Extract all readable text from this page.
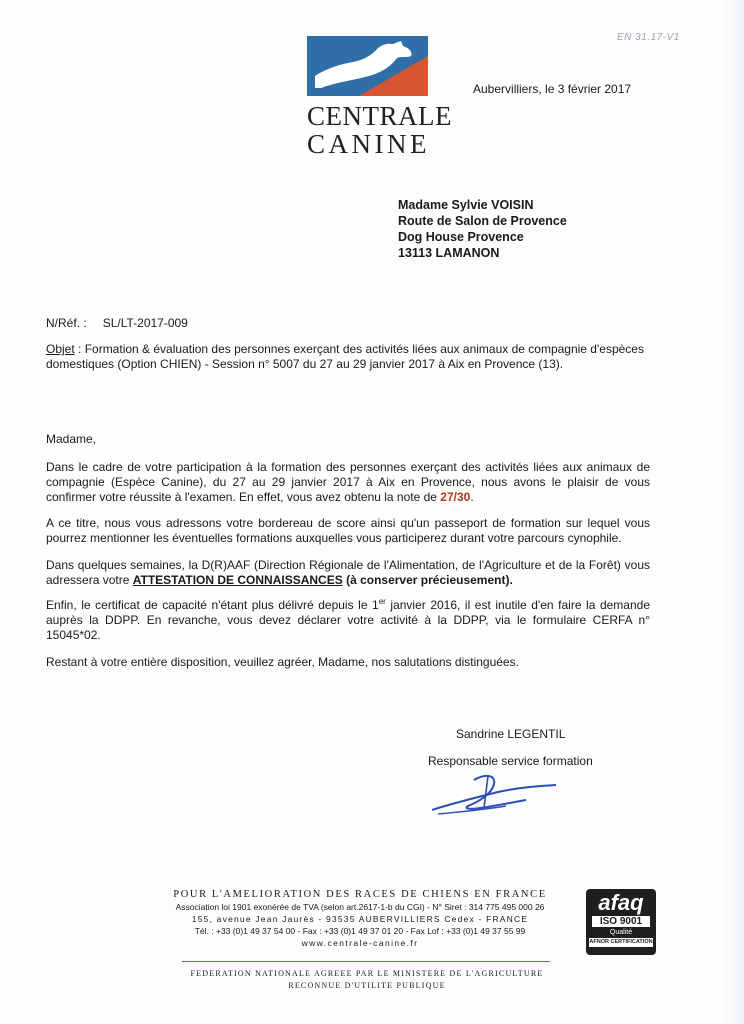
EN 31.17-V1
CENTRALE
CANINE
Aubervilliers, le 3 février 2017
Madame Sylvie VOISIN
Route de Salon de Provence
Dog House Provence
13113 LAMANON
N/Réf. : SL/LT-2017-009
Objet : Formation & évaluation des personnes exerçant des activités liées aux animaux de compagnie d'espèces domestiques (Option CHIEN) - Session n° 5007 du 27 au 29 janvier 2017 à Aix en Provence (13).
Madame,
Dans le cadre de votre participation à la formation des personnes exerçant des activités liées aux animaux de compagnie (Espèce Canine), du 27 au 29 janvier 2017 à Aix en Provence, nous avons le plaisir de vous confirmer votre réussite à l'examen. En effet, vous avez obtenu la note de 27/30.
A ce titre, nous vous adressons votre bordereau de score ainsi qu'un passeport de formation sur lequel vous pourrez mentionner les éventuelles formations auxquelles vous participerez durant votre parcours cynophile.
Dans quelques semaines, la D(R)AAF (Direction Régionale de l'Alimentation, de l'Agriculture et de la Forêt) vous adressera votre ATTESTATION DE CONNAISSANCES (à conserver précieusement).
Enfin, le certificat de capacité n'étant plus délivré depuis le 1er janvier 2016, il est inutile d'en faire la demande auprès la DDPP. En revanche, vous devez déclarer votre activité à la DDPP, via le formulaire CERFA n° 15045*02.
Restant à votre entière disposition, veuillez agréer, Madame, nos salutations distinguées.
Sandrine LEGENTIL
Responsable service formation
POUR L'AMELIORATION DES RACES DE CHIENS EN FRANCE
Association loi 1901 exonérée de TVA (selon art.2617-1-b du CGI) - N° Siret : 314 775 495 000 26
155, avenue Jean Jaurès - 93535 AUBERVILLIERS Cedex - FRANCE
Tél. : +33 (0)1 49 37 54 00 - Fax : +33 (0)1 49 37 01 20 - Fax Lof : +33 (0)1 49 37 55 99
www.centrale-canine.fr
FEDERATION NATIONALE AGREEE PAR LE MINISTERE DE L'AGRICULTURE
RECONNUE D'UTILITE PUBLIQUE
afaq
ISO 9001
Qualité
AFNOR CERTIFICATION
